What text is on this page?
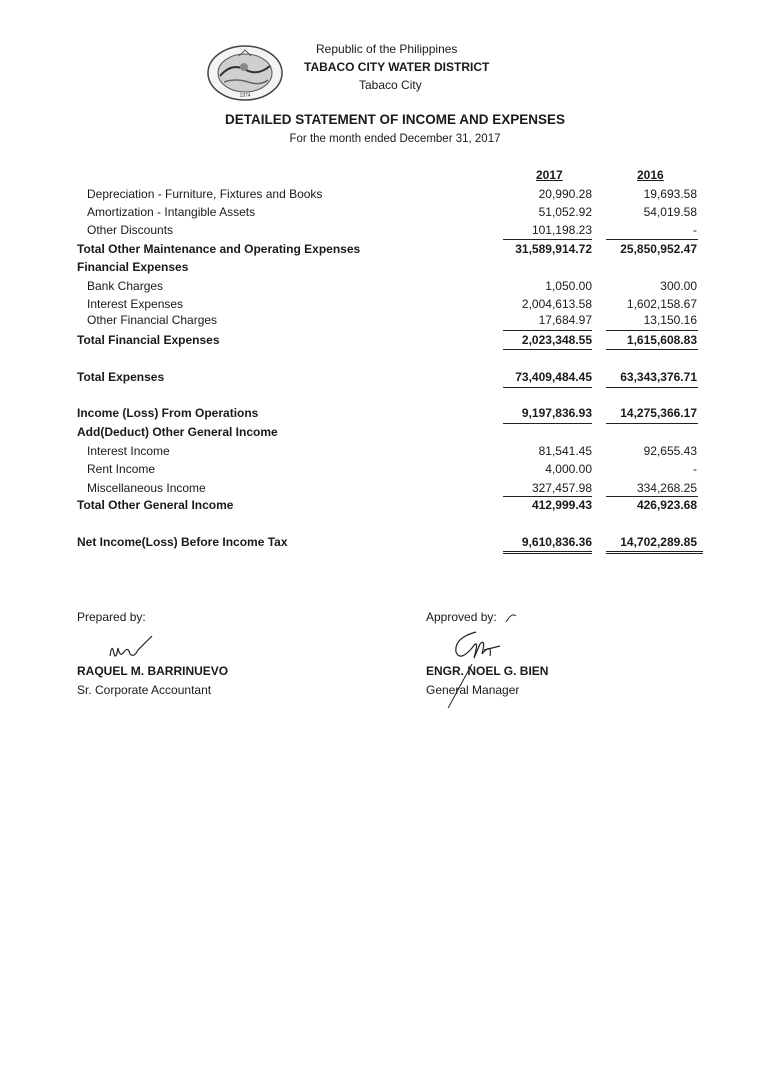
1974
Republic of the Philippines
TABACO CITY WATER DISTRICT
Tabaco City
DETAILED STATEMENT OF INCOME AND EXPENSES
For the month ended December 31, 2017
2017	2016
Depreciation - Furniture, Fixtures and Books	20,990.28	19,693.58
Amortization - Intangible Assets	51,052.92	54,019.58
Other Discounts	101,198.23	-
Total Other Maintenance and Operating Expenses	31,589,914.72	25,850,952.47
Financial Expenses
Bank Charges	1,050.00	300.00
Interest Expenses	2,004,613.58	1,602,158.67
Other Financial Charges	17,684.97	13,150.16
Total Financial Expenses	2,023,348.55	1,615,608.83
Total Expenses	73,409,484.45	63,343,376.71
Income (Loss) From Operations	9,197,836.93	14,275,366.17
Add(Deduct) Other General Income
Interest Income	81,541.45	92,655.43
Rent Income	4,000.00	-
Miscellaneous Income	327,457.98	334,268.25
Total Other General Income	412,999.43	426,923.68
Net Income(Loss) Before Income Tax	9,610,836.36	14,702,289.85
Prepared by:
RAQUEL M. BARRINUEVO
Sr. Corporate Accountant
Approved by:
ENGR. NOEL G. BIEN
General Manager
